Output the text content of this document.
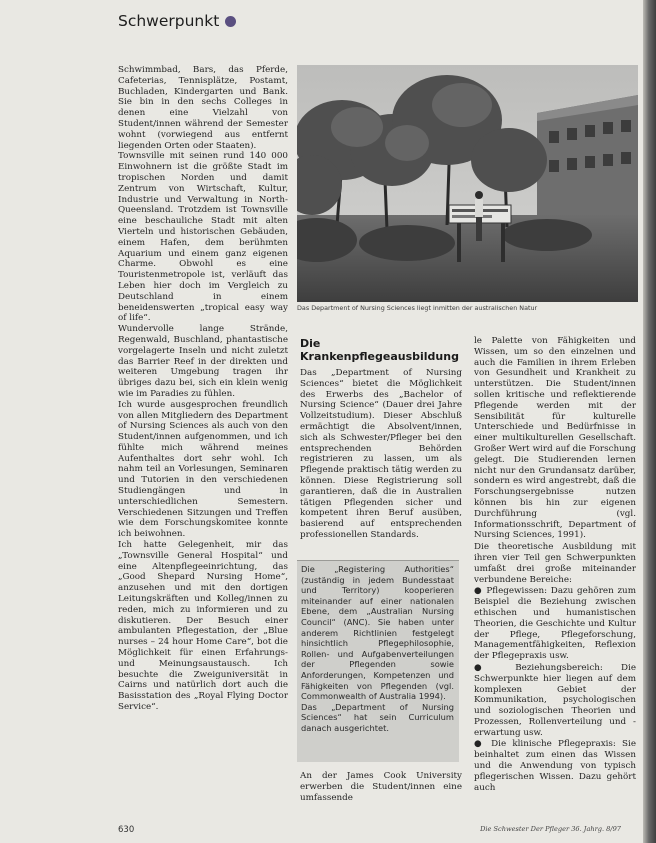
Schwerpunkt

Schwimmbad, Bars, das Pferde, Cafeterias, Tennisplätze, Postamt, Buchladen, Kindergarten und Bank. Sie bin in den sechs Colleges in denen eine Vielzahl von Student/innen während der Semester wohnt (vorwiegend aus entfernt liegenden Orten oder Staaten).

Townsville mit seinen rund 140 000 Einwohnern ist die größte Stadt im tropischen Norden und damit Zentrum von Wirtschaft, Kultur, Industrie und Verwaltung in North-Queensland. Trotzdem ist Townsville eine beschauliche Stadt mit alten Vierteln und historischen Gebäuden, einem Hafen, dem berühmten Aquarium und einem ganz eigenen Charme. Obwohl es eine Touristenmetropole ist, verläuft das Leben hier doch im Vergleich zu Deutschland in einem beneidenswerten „tropical easy way of life“.

Wundervolle lange Strände, Regenwald, Buschland, phantastische vorgelagerte Inseln und nicht zuletzt das Barrier Reef in der direkten und weiteren Umgebung tragen ihr übriges dazu bei, sich ein klein wenig wie im Paradies zu fühlen.

Ich wurde ausgesprochen freundlich von allen Mitgliedern des Department of Nursing Sciences als auch von den Student/innen aufgenommen, und ich fühlte mich während meines Aufenthaltes dort sehr wohl. Ich nahm teil an Vorlesungen, Seminaren und Tutorien in den verschiedenen Studiengängen und in unterschiedlichen Semestern. Verschiedenen Sitzungen und Treffen wie dem Forschungskomitee konnte ich beiwohnen.

Ich hatte Gelegenheit, mir das „Townsville General Hospital“ und eine Altenpflegeeinrichtung, das „Good Shepard Nursing Home“, anzusehen und mit den dortigen Leitungskräften und Kolleg/innen zu reden, mich zu informieren und zu diskutieren. Der Besuch einer ambulanten Pflegestation, der „Blue nurses – 24 hour Home Care“, bot die Möglichkeit für einen Erfahrungs- und Meinungsaustausch. Ich besuchte die Zweiguniversität in Cairns und natürlich dort auch die Basisstation des „Royal Flying Doctor Service“.

Das Department of Nursing Sciences liegt inmitten der australischen Natur
Die Krankenpflegeausbildung

Das „Department of Nursing Sciences“ bietet die Möglichkeit des Erwerbs des „Bachelor of Nursing Science“ (Dauer drei Jahre Vollzeitstudium). Dieser Abschluß ermächtigt die Absolvent/innen, sich als Schwester/Pfleger bei den entsprechenden Behörden registrieren zu lassen, um als Pflegende praktisch tätig werden zu können. Diese Registrierung soll garantieren, daß die in Australien tätigen Pflegenden sicher und kompetent ihren Beruf ausüben, basierend auf entsprechenden professionellen Standards.

Die „Registering Authorities“ (zuständig in jedem Bundesstaat und Territory) kooperieren miteinander auf einer nationalen Ebene, dem „Australian Nursing Council“ (ANC). Sie haben unter anderem Richtlinien festgelegt hinsichtlich Pflegephilosophie, Rollen- und Aufgabenverteilungen der Pflegenden sowie Anforderungen, Kompetenzen und Fähigkeiten von Pflegenden (vgl. Commonwealth of Australia 1994).

Das „Department of Nursing Sciences“ hat sein Curriculum danach ausgerichtet.

An der James Cook University erwerben die Student/innen eine umfassende

le Palette von Fähigkeiten und Wissen, um so den einzelnen und auch die Familien in ihrem Erleben von Gesundheit und Krankheit zu unterstützen. Die Student/innen sollen kritische und reflektierende Pflegende werden mit der Sensibilität für kulturelle Unterschiede und Bedürfnisse in einer multikulturellen Gesellschaft. Großer Wert wird auf die Forschung gelegt. Die Studierenden lernen nicht nur den Grundansatz darüber, sondern es wird angestrebt, daß die Forschungsergebnisse nutzen können bis hin zur eigenen Durchführung (vgl. Informationsschrift, Department of Nursing Sciences, 1991).

Die theoretische Ausbildung mit ihren vier Teil gen Schwerpunkten umfaßt drei große miteinander verbundene Bereiche:

● Pflegewissen: Dazu gehören zum Beispiel die Beziehung zwischen ethischen und humanistischen Theorien, die Geschichte und Kultur der Pflege, Pflegeforschung, Managementfähigkeiten, Reflexion der Pflegepraxis usw.

● Beziehungsbereich: Die Schwerpunkte hier liegen auf dem komplexen Gebiet der Kommunikation, psychologischen und soziologischen Theorien und Prozessen, Rollenverteilung und -erwartung usw.

● Die klinische Pflegepraxis: Sie beinhaltet zum einen das Wissen und die Anwendung von typisch pflegerischen Wissen. Dazu gehört auch

630	Die Schwester Der Pfleger 36. Jahrg. 8/97
